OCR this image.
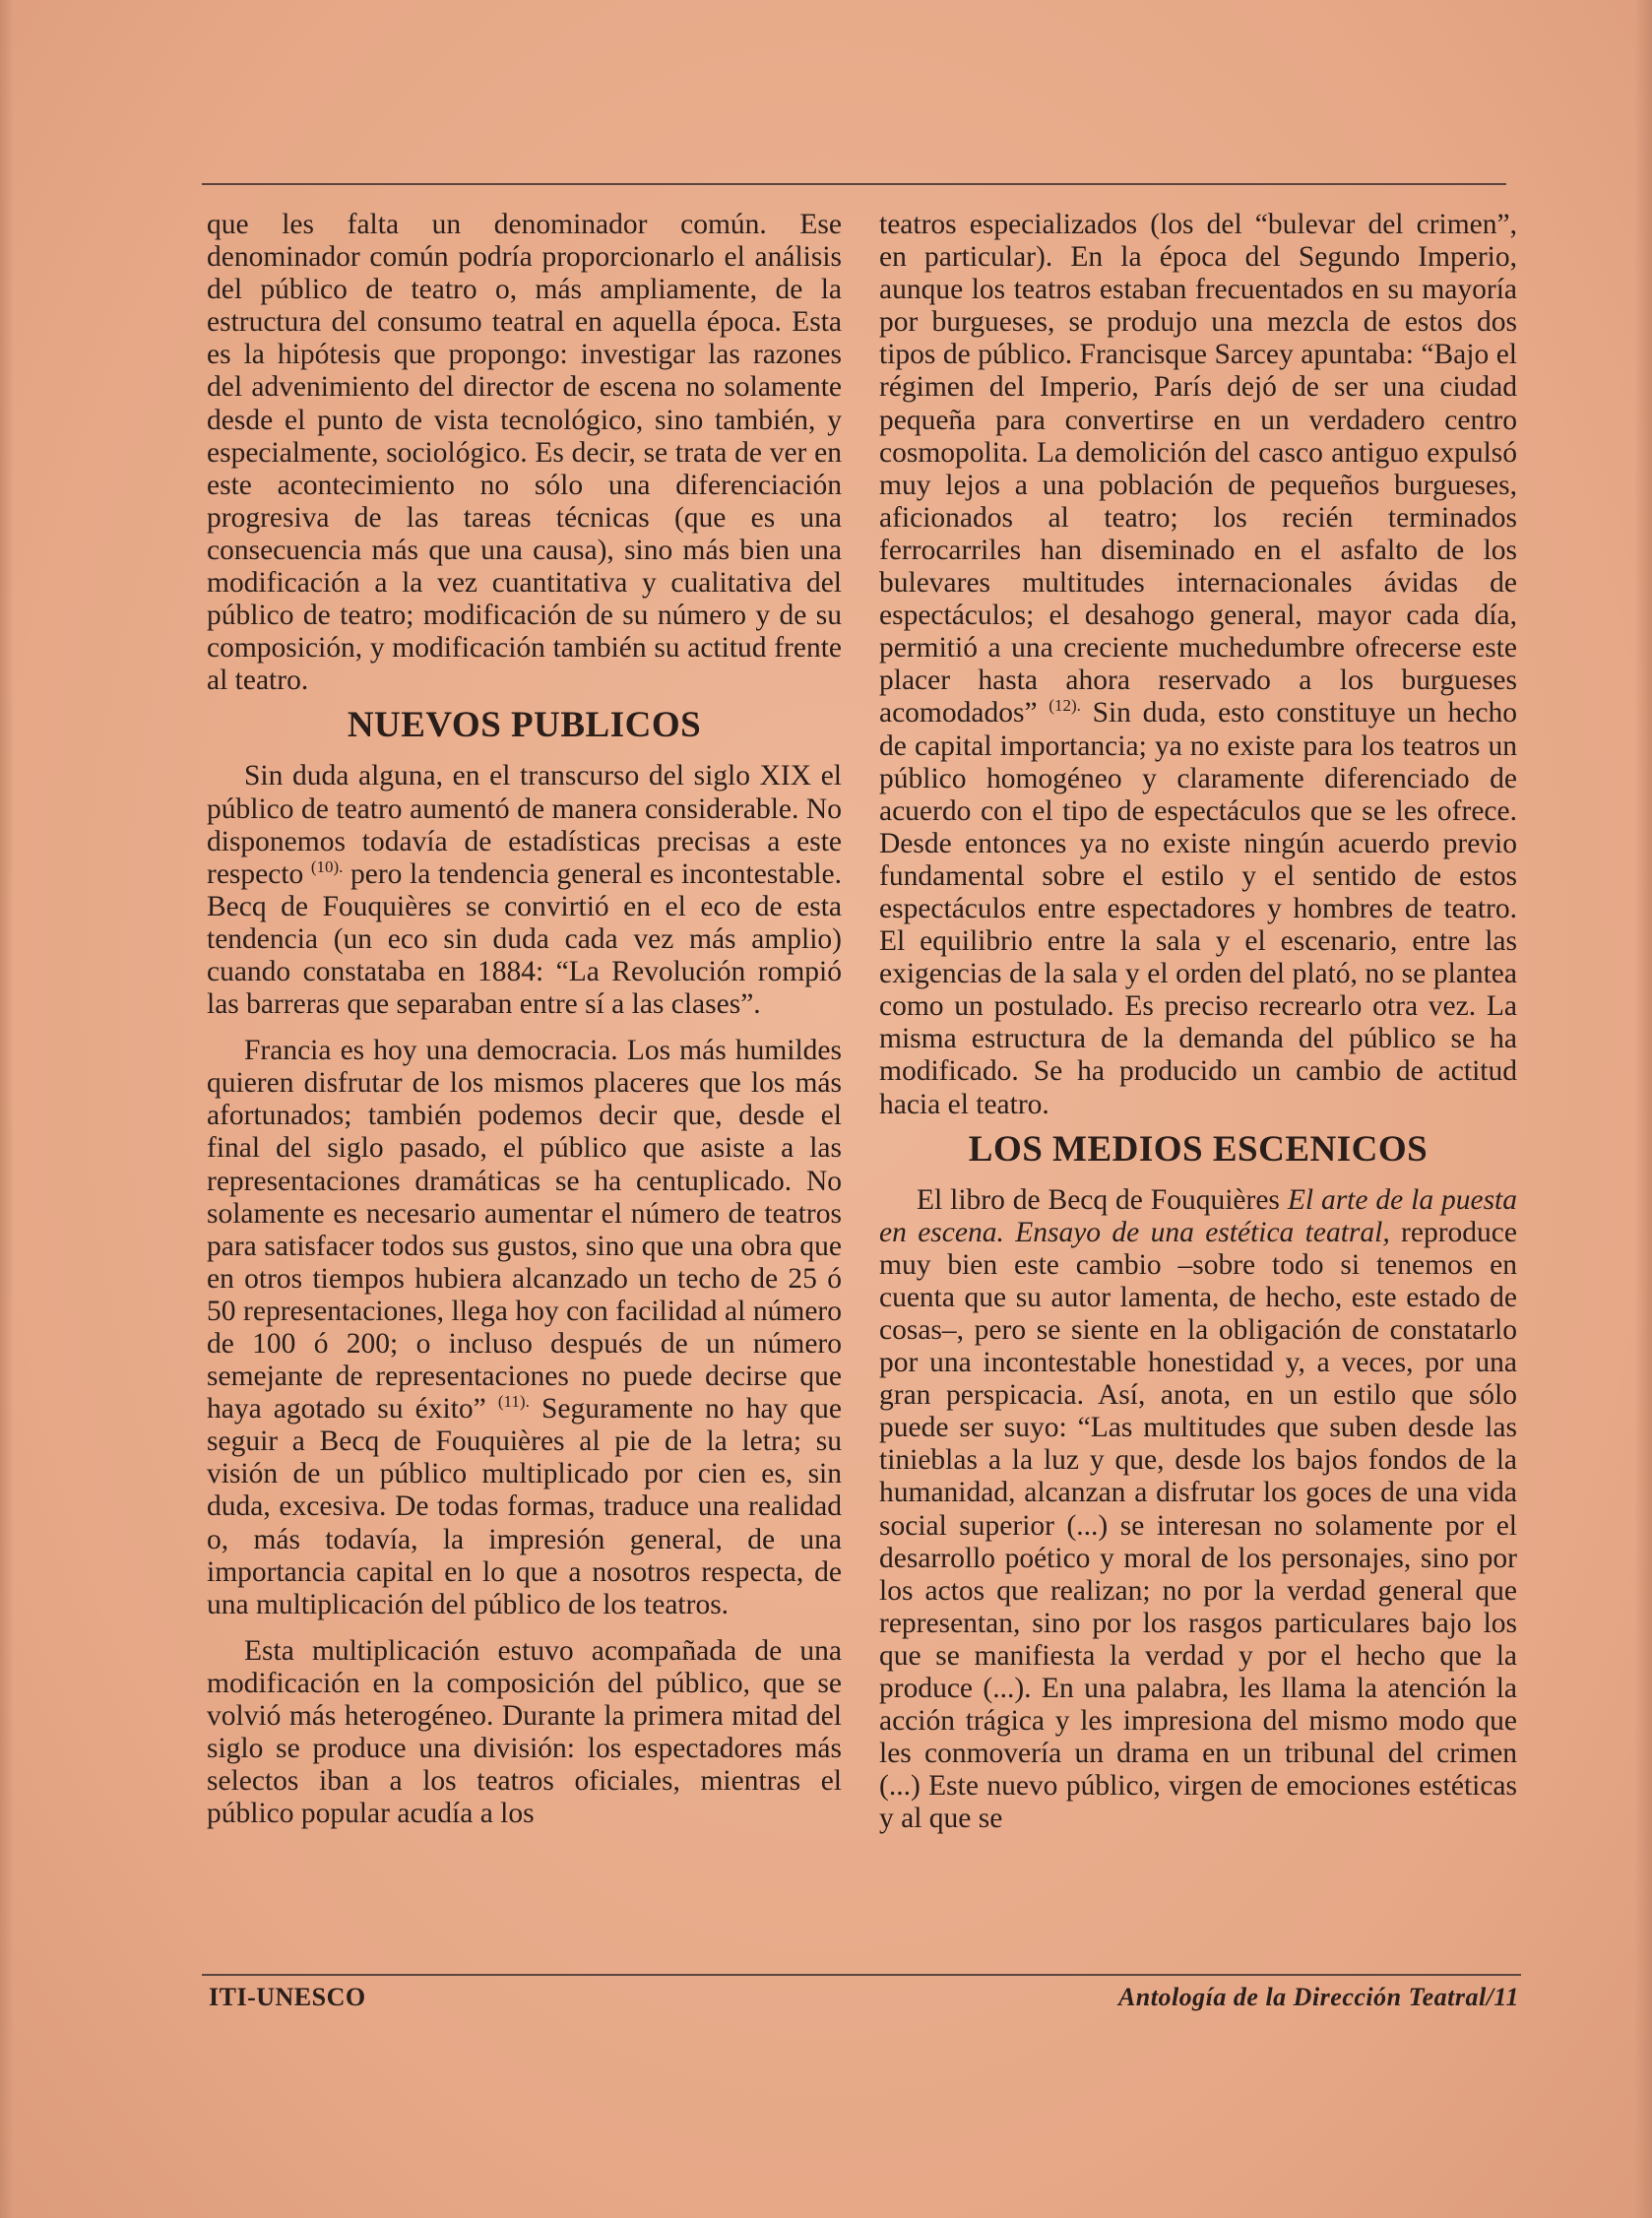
que les falta un denominador común. Ese denominador común podría proporcionarlo el análisis del público de teatro o, más ampliamente, de la estructura del consumo teatral en aquella época. Esta es la hipótesis que propongo: investigar las razones del advenimiento del director de escena no solamente desde el punto de vista tecnológico, sino también, y especialmente, sociológico. Es decir, se trata de ver en este acontecimiento no sólo una diferenciación progresiva de las tareas técnicas (que es una consecuencia más que una causa), sino más bien una modificación a la vez cuantitativa y cualitativa del público de teatro; modificación de su número y de su composición, y modificación también su actitud frente al teatro.

NUEVOS PUBLICOS

Sin duda alguna, en el transcurso del siglo XIX el público de teatro aumentó de manera considerable. No disponemos todavía de estadísticas precisas a este respecto $^{(10).}$ pero la tendencia general es incontestable. Becq de Fouquières se convirtió en el eco de esta tendencia (un eco sin duda cada vez más amplio) cuando constataba en 1884: “La Revolución rompió las barreras que separaban entre sí a las clases”.

Francia es hoy una democracia. Los más humildes quieren disfrutar de los mismos placeres que los más afortunados; también podemos decir que, desde el final del siglo pasado, el público que asiste a las representaciones dramáticas se ha centuplicado. No solamente es necesario aumentar el número de teatros para satisfacer todos sus gustos, sino que una obra que en otros tiempos hubiera alcanzado un techo de 25 ó 50 representaciones, llega hoy con facilidad al número de 100 ó 200; o incluso después de un número semejante de representaciones no puede decirse que haya agotado su éxito” $^{(11).}$ Seguramente no hay que seguir a Becq de Fouquières al pie de la letra; su visión de un público multiplicado por cien es, sin duda, excesiva. De todas formas, traduce una realidad o, más todavía, la impresión general, de una importancia capital en lo que a nosotros respecta, de una multiplicación del público de los teatros.

Esta multiplicación estuvo acompañada de una modificación en la composición del público, que se volvió más heterogéneo. Durante la primera mitad del siglo se produce una división: los espectadores más selectos iban a los teatros oficiales, mientras el público popular acudía a los

teatros especializados (los del “bulevar del crimen”, en particular). En la época del Segundo Imperio, aunque los teatros estaban frecuentados en su mayoría por burgueses, se produjo una mezcla de estos dos tipos de público. Francisque Sarcey apuntaba: “Bajo el régimen del Imperio, París dejó de ser una ciudad pequeña para convertirse en un verdadero centro cosmopolita. La demolición del casco antiguo expulsó muy lejos a una población de pequeños burgueses, aficionados al teatro; los recién terminados ferrocarriles han diseminado en el asfalto de los bulevares multitudes internacionales ávidas de espectáculos; el desahogo general, mayor cada día, permitió a una creciente muchedumbre ofrecerse este placer hasta ahora reservado a los burgueses acomodados” $^{(12).}$ Sin duda, esto constituye un hecho de capital importancia; ya no existe para los teatros un público homogéneo y claramente diferenciado de acuerdo con el tipo de espectáculos que se les ofrece. Desde entonces ya no existe ningún acuerdo previo fundamental sobre el estilo y el sentido de estos espectáculos entre espectadores y hombres de teatro. El equilibrio entre la sala y el escenario, entre las exigencias de la sala y el orden del plató, no se plantea como un postulado. Es preciso recrearlo otra vez. La misma estructura de la demanda del público se ha modificado. Se ha producido un cambio de actitud hacia el teatro.

LOS MEDIOS ESCENICOS

El libro de Becq de Fouquières El arte de la puesta en escena. Ensayo de una estética teatral, reproduce muy bien este cambio –sobre todo si tenemos en cuenta que su autor lamenta, de hecho, este estado de cosas–, pero se siente en la obligación de constatarlo por una incontestable honestidad y, a veces, por una gran perspicacia. Así, anota, en un estilo que sólo puede ser suyo: “Las multitudes que suben desde las tinieblas a la luz y que, desde los bajos fondos de la humanidad, alcanzan a disfrutar los goces de una vida social superior (...) se interesan no solamente por el desarrollo poético y moral de los personajes, sino por los actos que realizan; no por la verdad general que representan, sino por los rasgos particulares bajo los que se manifiesta la verdad y por el hecho que la produce (...). En una palabra, les llama la atención la acción trágica y les impresiona del mismo modo que les conmovería un drama en un tribunal del crimen (...) Este nuevo público, virgen de emociones estéticas y al que se

ITI-UNESCO	Antología de la Dirección Teatral/11
